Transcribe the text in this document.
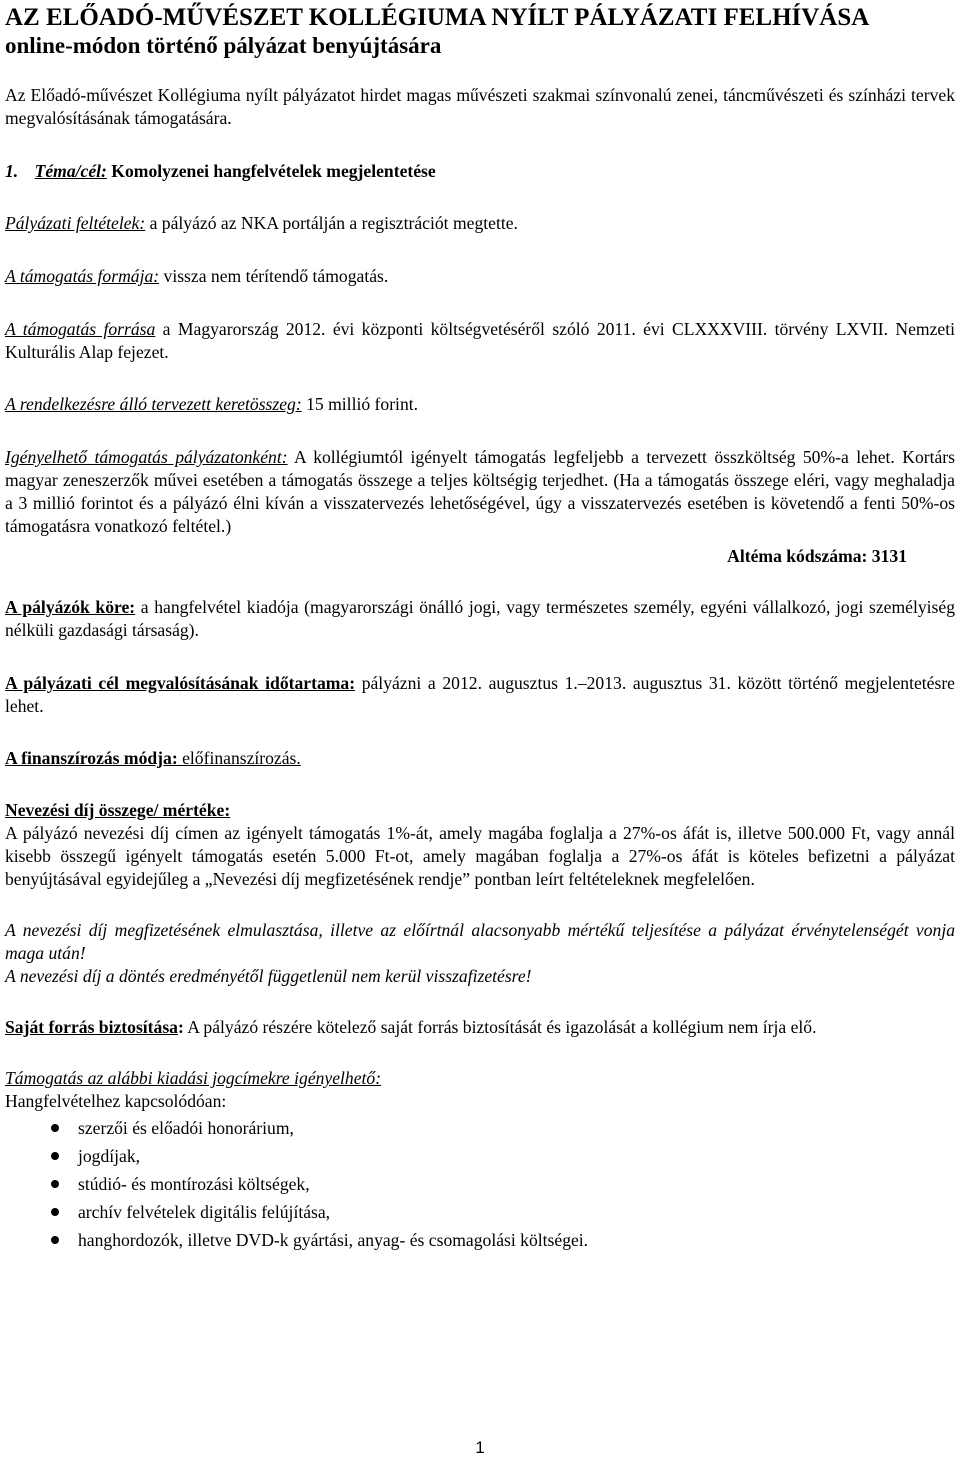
AZ ELŐADÓ-MŰVÉSZET KOLLÉGIUMA NYÍLT PÁLYÁZATI FELHÍVÁSA
online-módon történő pályázat benyújtására

Az Előadó-művészet Kollégiuma nyílt pályázatot hirdet magas művészeti szakmai színvonalú zenei, táncművészeti és színházi tervek megvalósításának támogatására.

1. Téma/cél: Komolyzenei hangfelvételek megjelentetése

Pályázati feltételek: a pályázó az NKA portálján a regisztrációt megtette.

A támogatás formája: vissza nem térítendő támogatás.

A támogatás forrása a Magyarország 2012. évi központi költségvetéséről szóló 2011. évi CLXXXVIII. törvény LXVII. Nemzeti Kulturális Alap fejezet.

A rendelkezésre álló tervezett keretösszeg: 15 millió forint.

Igényelhető támogatás pályázatonként: A kollégiumtól igényelt támogatás legfeljebb a tervezett összköltség 50%-a lehet. Kortárs magyar zeneszerzők művei esetében a támogatás összege a teljes költségig terjedhet. (Ha a támogatás összege eléri, vagy meghaladja a 3 millió forintot és a pályázó élni kíván a visszatervezés lehetőségével, úgy a visszatervezés esetében is követendő a fenti 50%-os támogatásra vonatkozó feltétel.)

Altéma kódszáma: 3131

A pályázók köre: a hangfelvétel kiadója (magyarországi önálló jogi, vagy természetes személy, egyéni vállalkozó, jogi személyiség nélküli gazdasági társaság).

A pályázati cél megvalósításának időtartama: pályázni a 2012. augusztus 1.–2013. augusztus 31. között történő megjelentetésre lehet.

A finanszírozás módja: előfinanszírozás.

Nevezési díj összege/ mértéke:

A pályázó nevezési díj címen az igényelt támogatás 1%-át, amely magába foglalja a 27%-os áfát is, illetve 500.000 Ft, vagy annál kisebb összegű igényelt támogatás esetén 5.000 Ft-ot, amely magában foglalja a 27%-os áfát is köteles befizetni a pályázat benyújtásával egyidejűleg a „Nevezési díj megfizetésének rendje” pontban leírt feltételeknek megfelelően.

A nevezési díj megfizetésének elmulasztása, illetve az előírtnál alacsonyabb mértékű teljesítése a pályázat érvénytelenségét vonja maga után!

A nevezési díj a döntés eredményétől függetlenül nem kerül visszafizetésre!

Saját forrás biztosítása: A pályázó részére kötelező saját forrás biztosítását és igazolását a kollégium nem írja elő.

Támogatás az alábbi kiadási jogcímekre igényelhető:

Hangfelvételhez kapcsolódóan:

szerzői és előadói honorárium,
jogdíjak,
stúdió- és montírozási költségek,
archív felvételek digitális felújítása,
hanghordozók, illetve DVD-k gyártási, anyag- és csomagolási költségei.
1
